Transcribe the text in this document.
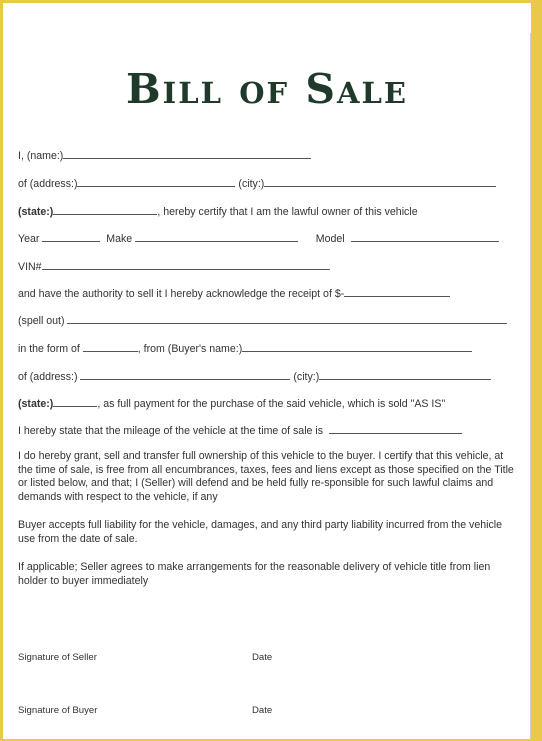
Bill of Sale
I, (name:)
of (address:)	(city:)
(state:)	, hereby certify that I am the lawful owner of this vehicle
Year	Make	Model
VIN#
and have the authority to sell it I hereby acknowledge the receipt of $-
(spell out)
in the form of	, from (Buyer's name:)
of (address:)	(city:)
(state:)	, as full payment for the purchase of the said vehicle, which is sold "AS IS"
I hereby state that the mileage of the vehicle at the time of sale is
I do hereby grant, sell and transfer full ownership of this vehicle to the buyer. I certify that this vehicle, at the time of sale, is free from all encumbrances, taxes, fees and liens except as those specified on the Title or listed below, and that; I (Seller) will defend and be held fully re-sponsible for such lawful claims and demands with respect to the vehicle, if any
Buyer accepts full liability for the vehicle, damages, and any third party liability incurred from the vehicle use from the date of sale.
If applicable; Seller agrees to make arrangements for the reasonable delivery of vehicle title from lien holder to buyer immediately
Signature of Seller	Date
Signature of Buyer	Date
